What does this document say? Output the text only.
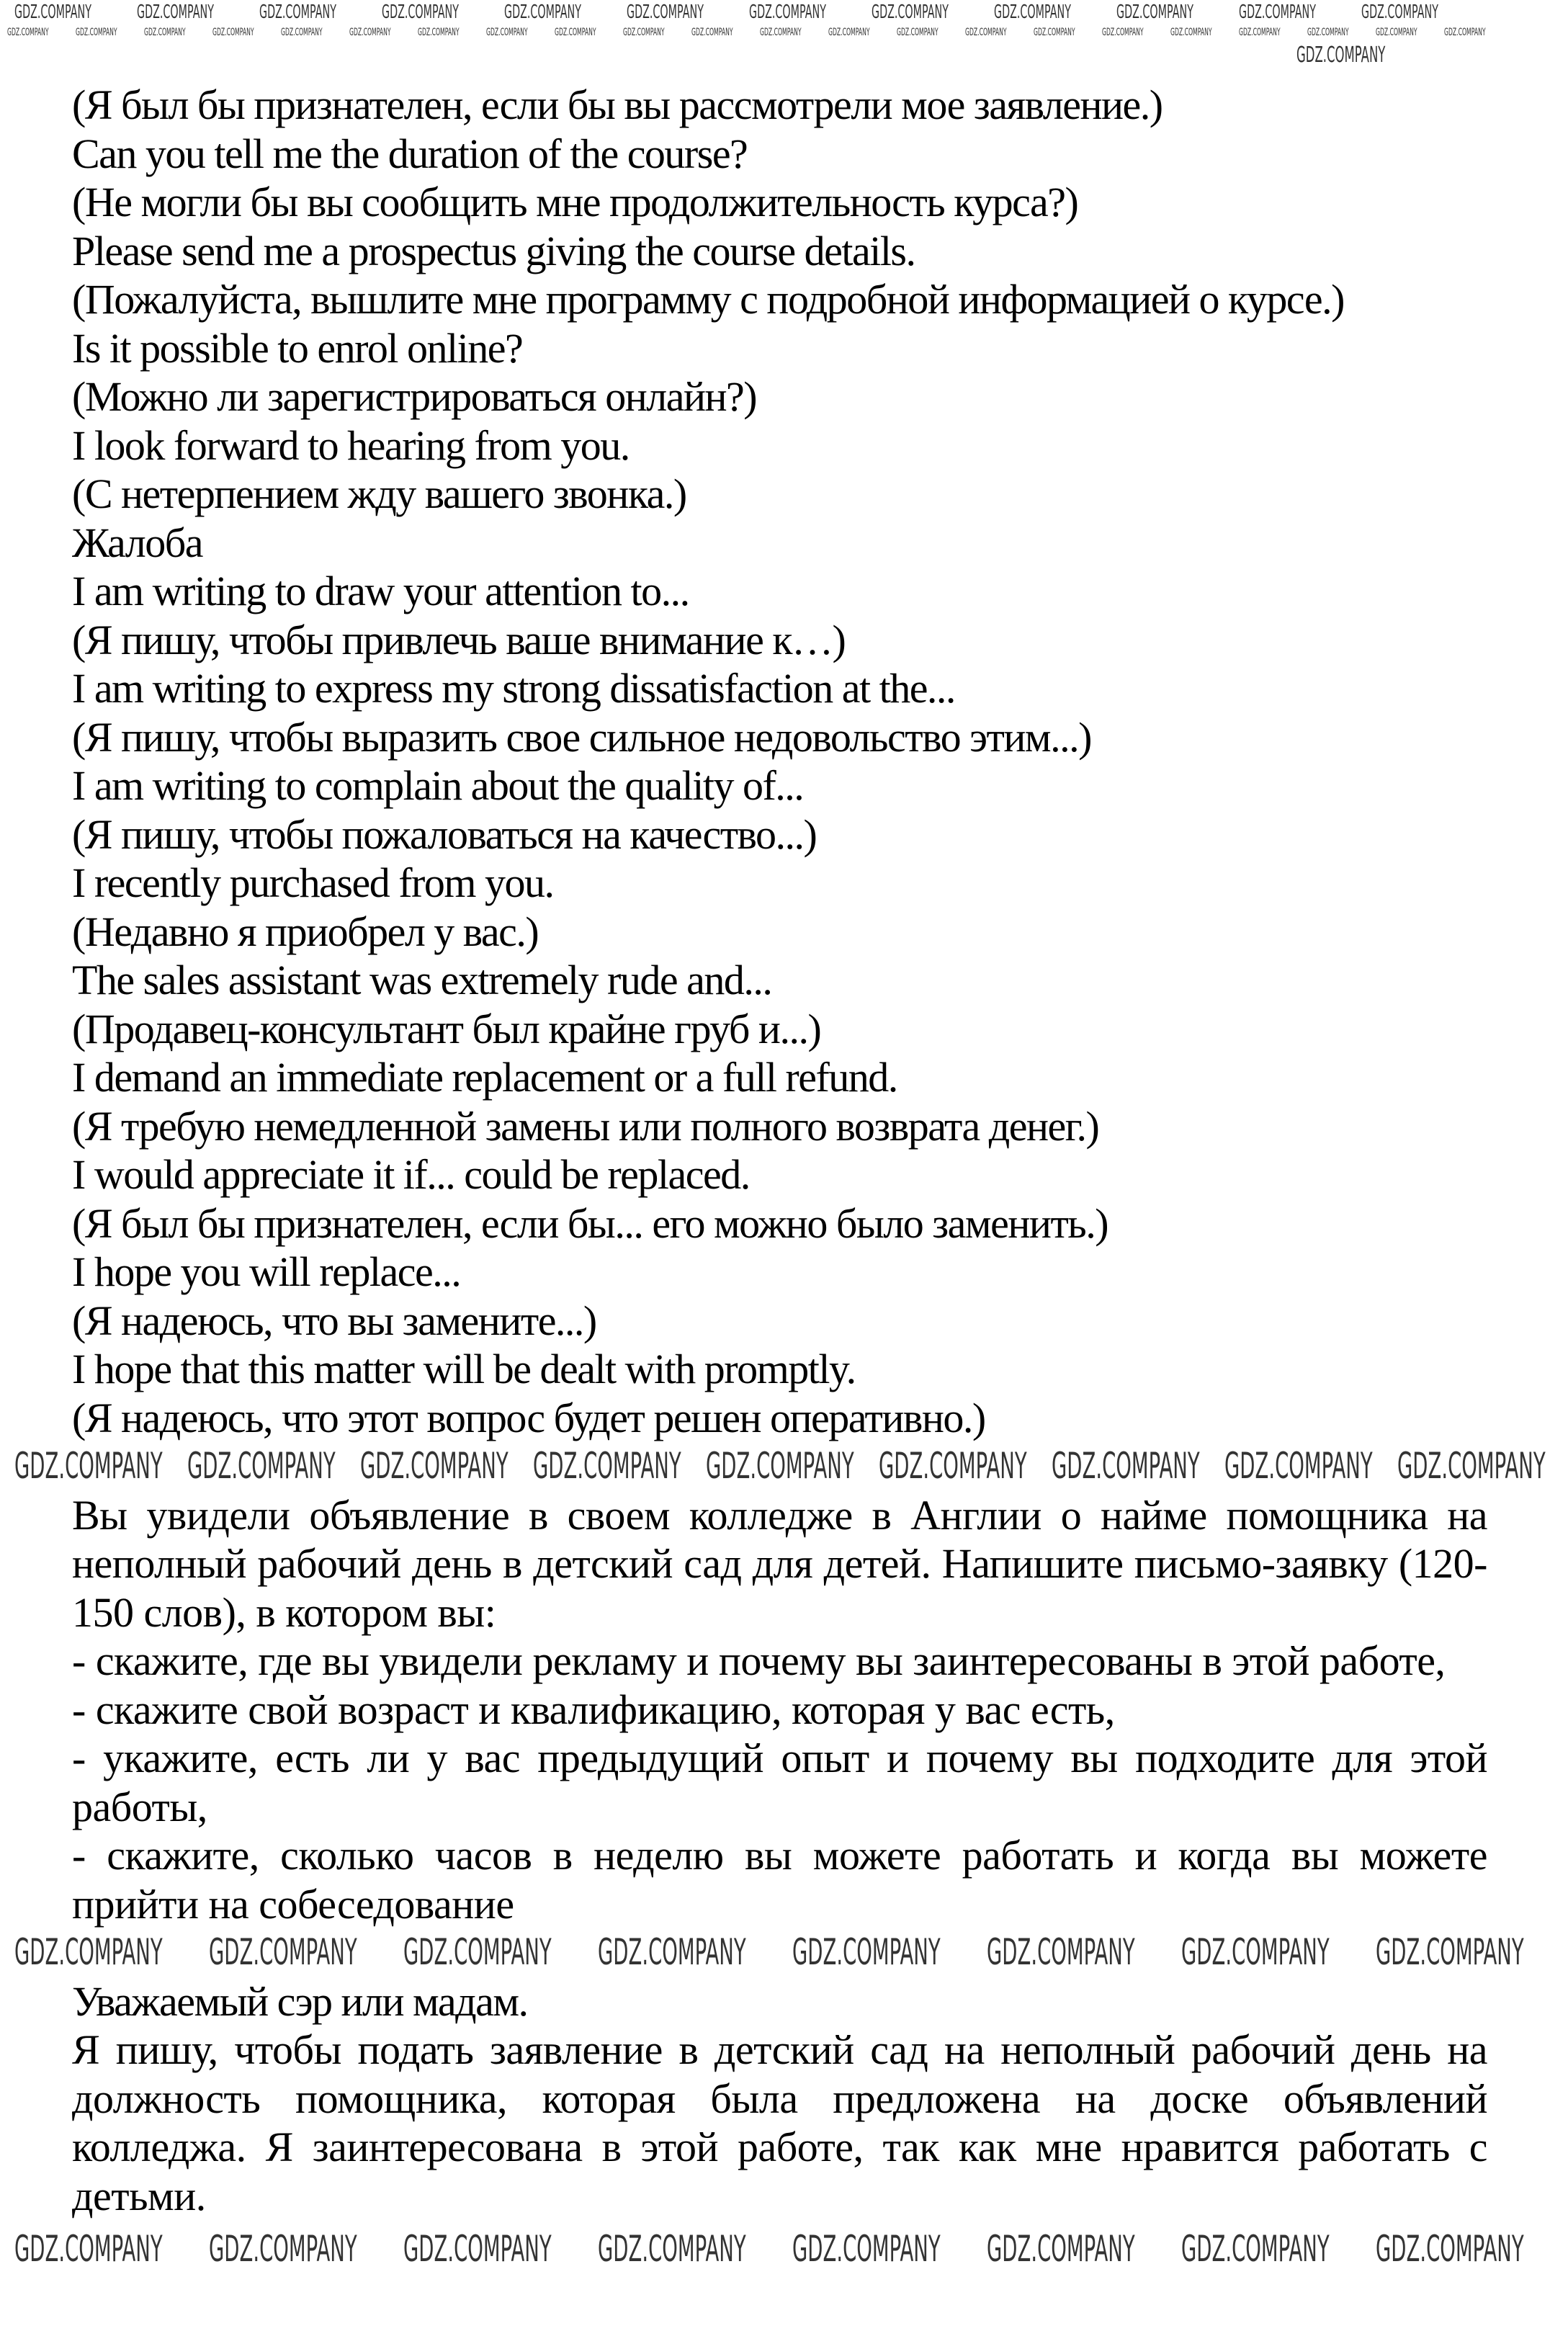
GDZ.COMPANY GDZ.COMPANY GDZ.COMPANY GDZ.COMPANY GDZ.COMPANY GDZ.COMPANY GDZ.COMPANY GDZ.COMPANY GDZ.COMPANY GDZ.COMPANY GDZ.COMPANY GDZ.COMPANY
GDZ.COMPANY	GDZ.COMPANY	GDZ.COMPANY	GDZ.COMPANY	GDZ.COMPANY	GDZ.COMPANY	GDZ.COMPANY	GDZ.COMPANY	GDZ.COMPANY	GDZ.COMPANY	GDZ.COMPANY	GDZ.COMPANY	GDZ.COMPANY	GDZ.COMPANY	GDZ.COMPANY	GDZ.COMPANY	GDZ.COMPANY	GDZ.COMPANY	GDZ.COMPANY	GDZ.COMPANY	GDZ.COMPANY	GDZ.COMPANY
GDZ.COMPANY
(Я был бы признателен, если бы вы рассмотрели мое заявление.)
Can you tell me the duration of the course?
(Не могли бы вы сообщить мне продолжительность курса?)
Please send me a prospectus giving the course details.
(Пожалуйста, вышлите мне программу с подробной информацией о курсе.)
Is it possible to enrol online?
(Можно ли зарегистрироваться онлайн?)
I look forward to hearing from you.
(С нетерпением жду вашего звонка.)
Жалоба
I am writing to draw your attention to...
(Я пишу, чтобы привлечь ваше внимание к…)
I am writing to express my strong dissatisfaction at the...
(Я пишу, чтобы выразить свое сильное недовольство этим...)
I am writing to complain about the quality of...
(Я пишу, чтобы пожаловаться на качество...)
I recently purchased from you.
(Недавно я приобрел у вас.)
The sales assistant was extremely rude and...
(Продавец-консультант был крайне груб и...)
I demand an immediate replacement or a full refund.
(Я требую немедленной замены или полного возврата денег.)
I would appreciate it if... could be replaced.
(Я был бы признателен, если бы... его можно было заменить.)
I hope you will replace...
(Я надеюсь, что вы замените...)
I hope that this matter will be dealt with promptly.
(Я надеюсь, что этот вопрос будет решен оперативно.)
GDZ.COMPANY GDZ.COMPANY GDZ.COMPANY GDZ.COMPANY GDZ.COMPANY GDZ.COMPANY GDZ.COMPANY GDZ.COMPANY GDZ.COMPANY
Вы увидели объявление в своем колледже в Англии о найме помощника на неполный рабочий день в детский сад для детей. Напишите письмо-заявку (120-150 слов), в котором вы:
- скажите, где вы увидели рекламу и почему вы заинтересованы в этой работе,
- скажите свой возраст и квалификацию, которая у вас есть,
- укажите, есть ли у вас предыдущий опыт и почему вы подходите для этой работы,
- скажите, сколько часов в неделю вы можете работать и когда вы можете прийти на собеседование
GDZ.COMPANY GDZ.COMPANY GDZ.COMPANY GDZ.COMPANY GDZ.COMPANY GDZ.COMPANY GDZ.COMPANY GDZ.COMPANY
Уважаемый сэр или мадам.
Я пишу, чтобы подать заявление в детский сад на неполный рабочий день на должность помощника, которая была предложена на доске объявлений колледжа. Я заинтересована в этой работе, так как мне нравится работать с детьми.
GDZ.COMPANY GDZ.COMPANY GDZ.COMPANY GDZ.COMPANY GDZ.COMPANY GDZ.COMPANY GDZ.COMPANY GDZ.COMPANY
